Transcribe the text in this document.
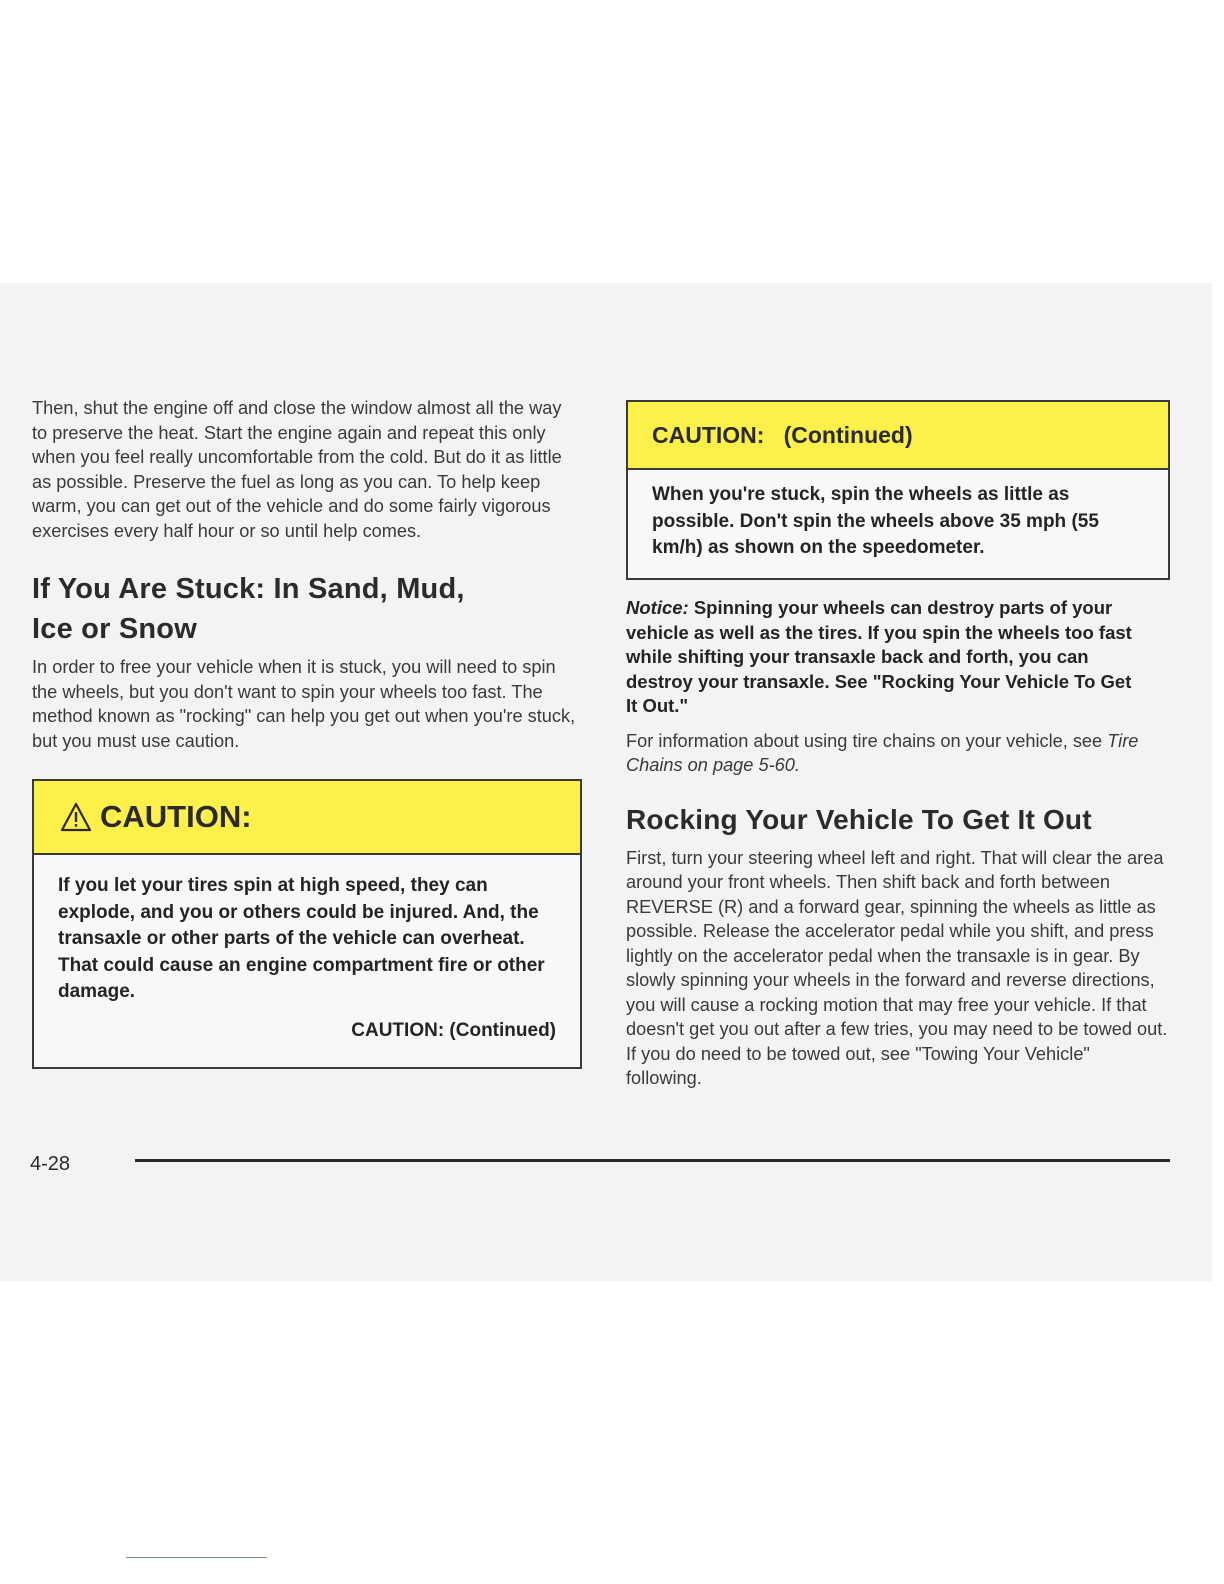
Then, shut the engine off and close the window almost all the way to preserve the heat. Start the engine again and repeat this only when you feel really uncomfortable from the cold. But do it as little as possible. Preserve the fuel as long as you can. To help keep warm, you can get out of the vehicle and do some fairly vigorous exercises every half hour or so until help comes.

If You Are Stuck: In Sand, Mud,

Ice or Snow

In order to free your vehicle when it is stuck, you will need to spin the wheels, but you don't want to spin your wheels too fast. The method known as "rocking" can help you get out when you're stuck, but you must use caution.

CAUTION:

If you let your tires spin at high speed, they can explode, and you or others could be injured. And, the transaxle or other parts of the vehicle can overheat. That could cause an engine compartment fire or other damage.

CAUTION: (Continued)

CAUTION:   (Continued)

When you're stuck, spin the wheels as little as possible. Don't spin the wheels above 35 mph (55 km/h) as shown on the speedometer.

Notice: Spinning your wheels can destroy parts of your vehicle as well as the tires. If you spin the wheels too fast while shifting your transaxle back and forth, you can destroy your transaxle. See "Rocking Your Vehicle To Get It Out."

For information about using tire chains on your vehicle, see Tire Chains on page 5-60.

Rocking Your Vehicle To Get It Out

First, turn your steering wheel left and right. That will clear the area around your front wheels. Then shift back and forth between REVERSE (R) and a forward gear, spinning the wheels as little as possible. Release the accelerator pedal while you shift, and press lightly on the accelerator pedal when the transaxle is in gear. By slowly spinning your wheels in the forward and reverse directions, you will cause a rocking motion that may free your vehicle. If that doesn't get you out after a few tries, you may need to be towed out. If you do need to be towed out, see "Towing Your Vehicle" following.

4-28
